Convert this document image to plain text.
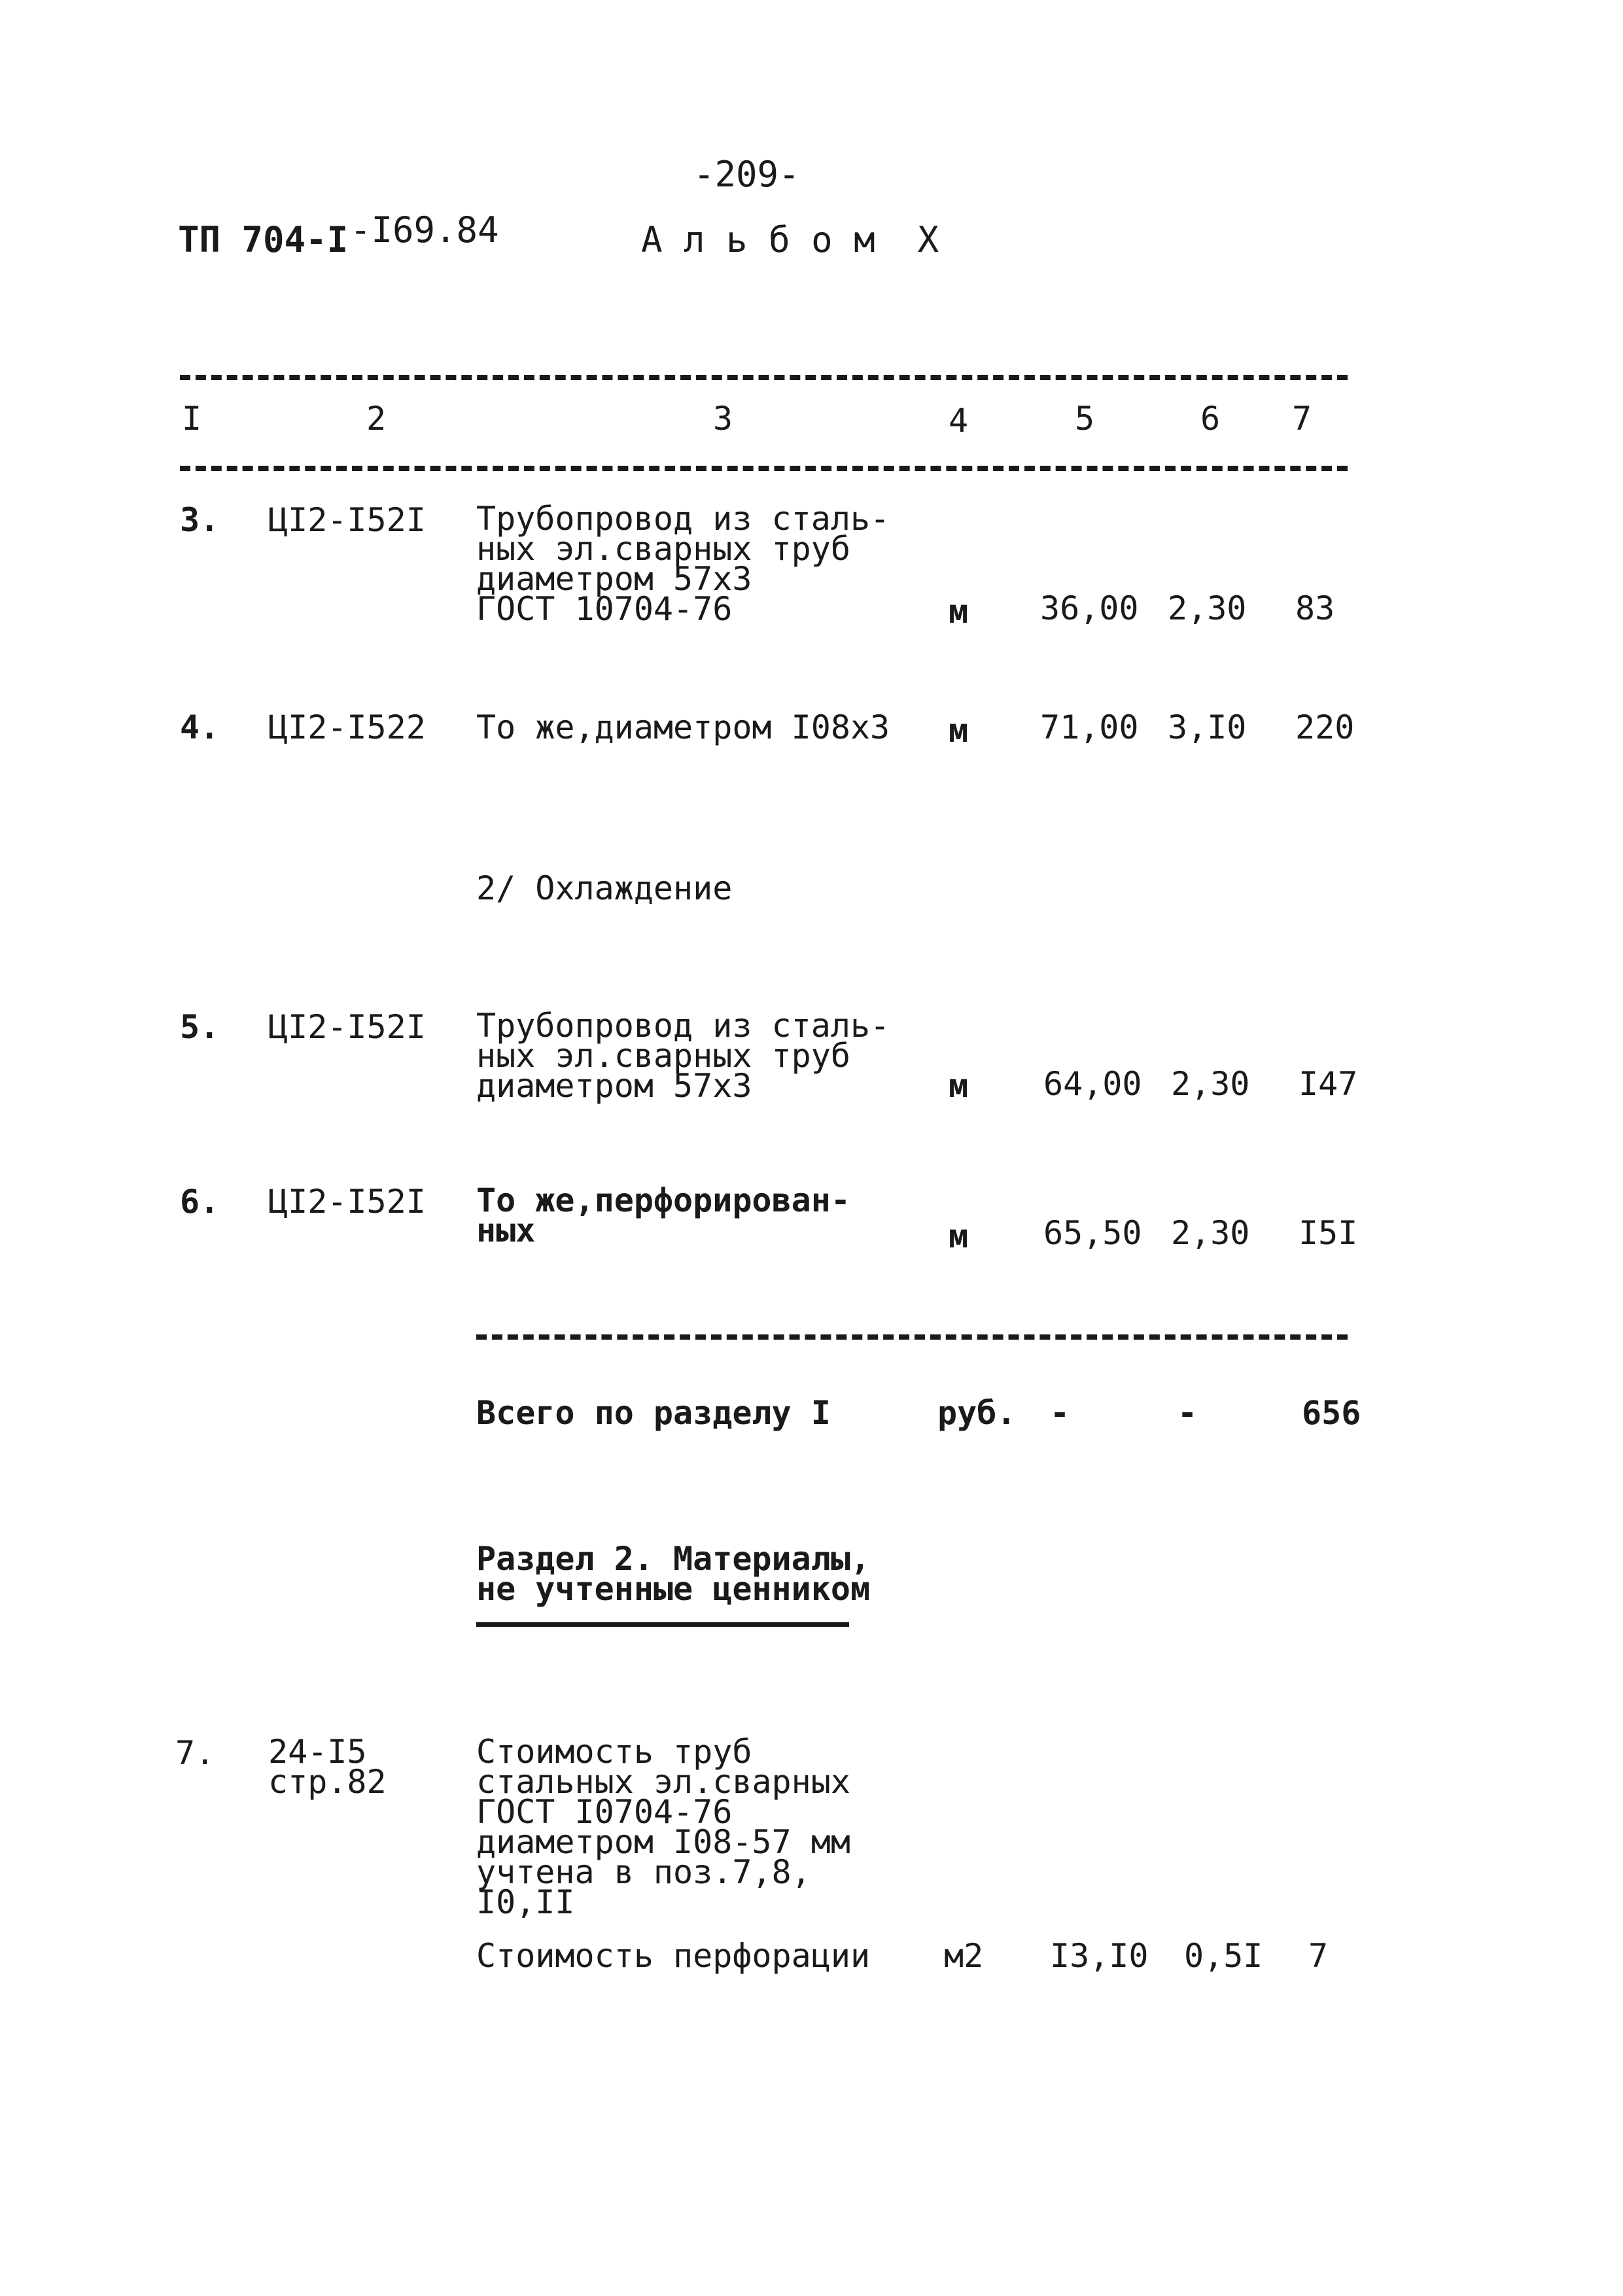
-209-
ТП 704-I -I69.84	А л ь б о м  X
I	2	3	4	5	6 7
3. ЦI2-I52I Трубопровод из сталь-
ных эл.сварных труб
диаметром 57х3
ГОСТ 10704-76	м 36,00 2,30 83
4. ЦI2-I522 То же,диаметром I08х3 м 71,00 3,I0 220
2/ Охлаждение
5. ЦI2-I52I Трубопровод из сталь-
ных эл.сварных труб
диаметром 57х3	м 64,00 2,30 I47
6. ЦI2-I52I То же,перфорирован-
ных	м 65,50 2,30 I5I
Всего по разделу I	руб. -	-	656
Раздел 2. Материалы,
не учтенные ценником
7. 24-I5
стр.82
Стоимость труб
стальных эл.сварных
ГОСТ I0704-76
диаметром I08-57 мм
учтена в поз.7,8,
I0,II
Стоимость перфорации м2 I3,I0 0,5I 7
